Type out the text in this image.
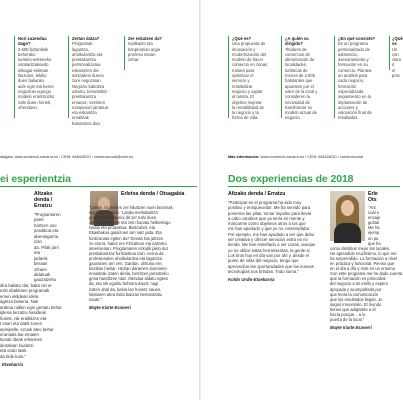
Nori zuzendua
dago?
2.500 biztanletik
beherako
turismo-sektoreko
ostalaritzakoedo
elikagai-sektoan
lituzunei, lekiko
duen baliaoko
aide egin eta beren
negozioei egungo
modelo erantziozko
nahi duten horiek,
ofrenduen.
Zertan datza?
Programak
laguntza,
aholkularitza eta
prestakuntza
pertsonalizatua
eskaintzen die
sortzaileei duena
zure negozioan.
Negozio bakoitza
aztertu, beraristikiz
prestakuntza
emanez, ezeinten
ezarpenari jarraitua
eta eskaintza
emaitzak
baloratzea dira.
Zer eskatzen da?
Inplikatzo eta
konpromiso argia
prozesu osoan
zehar.
atagaia: www.comercio.navarra.es / CEIN: 848426OO / comerciorural@cein.es
ei esperientzia
Altzako denda /
Erratzu
"Programaren parte
hartzen oso
positiboa eta
aberasgarria izan
da. Pilak jarri eta
jadanik beraan
ofzaen aldatuak
gauzatzeko
dira baliatu dar, baita niri er
ezki ebakinten programak
emen ekildean idela
agetza bekena. Nuk
arakoa nidlen egin gertatu behar
iplena bezalzu hasideak
horiek, nik eraikitzen eta
t esan eta dakit zonen
epinipelle, ezoak ateo behar
eramaila bai ematen
kunak ideak erkarmen
dioralean kualetzi
eta ondo lasik
da bide kulo."
Etxebarria
Erletxa denda / Otsagabia
"Lehen, ez nekien zer hikatzen nuen bezenak
eta zoka zoalirei. 'Landa-merkataritza'
programak enkarioi dit zer nahi duen
zehazki bezenak eta zein bunatu helbekingo
lokala eta produktoa. Bidezubet, eta
Ekasbakoa gaiaizoen arri naiz jada. Eta
funtzionatu egiten du!' Denda hat jartzen
ze etorra, hatez ere Flrizateun eta antzeko
ateensenan. Programaren ezkutik jakin dut
prestakuntzaz funtzaskoa izan. Aerna da
profesionalen aholkularitza eta laguntza
gaurainen arri zen. Gardun, ohituna ere,
bazikan hiekar. Hezian daramen donnaren
ensaitzak izaten direla, berritzen jarraitzeko
grina handitzen naiz. Mendua aldatu egiten
da, eta nik egoiitu beharra dauzt; nagi
izaten ahal da, baina lan honetz nauen,
lokalaren atea itxita baitzan bemantzatu
naute."
Mayte Iriarte Esaverri
¿Qué es?
Una propuesta de
innovación y
modernización del
modelo de hacer
comercio en zonas
rurales para
optimizar el
servicio y
rentabilizar
negocio y captar
al turista. El
objetivo mejorar
la rentabilidad de
la negocio y la
forma de vida.
¿A quién va
dirigido?
Titulares de
comercios de
alimentación de
localidades
turísticas de
menos de 2.500
habitantes que
apuesten por el
valor de la local y
consideren la
necesidad de
transformar su
modelo actual de
negocio.
¿En qué consiste?
Es un programa
personalizado de
asistencia,
asesoramiento y
formación en su
comercio. Plantea
un análisis para
cada negocio,
formación
especializada,
seguimiento en la
implantación de
acciones y
valoración final de
resultados.
¿Qué se
Un con
claro d
el proc
Más información: www.comercio.navarra.es / CEIN: 848426OO / comerciorural
Dos experiencias de 2018
Altzako denda / Erratzu
"Participar en el programa ha sido muy
positivo y enriquecedor. Me ha servido para
ponerme las pilas, tomar impulso para llevar
a cabo cambios que ya tenía en mente y
marcarme como objetivos otros a los que
me han aportado y que yo no contemplaba.
Por ejemplo, me han ayudado a ver que debo
ser creativa y ofrecer servicios extra en mi
tienda. Me han enseñado a ver cosas, aunque
yo no utilice estas herramientas, la gente sí.
Los tiros hoy en día van por ahí y, desde el
punto de vista del negocio, tengo que
aprovechar las oportunidades que las nuevas
tecnologías nos brindan. Todo suma."
Koldo Urdín-Etxebarria
Erle
Ots
"Ant
cuál e
encaje
gustar
Me ha
ejemp
un pu
que ha
como distribuir mejor los locales.
He aprendido muchísimo, lo que me
ha sorprendido. La formación a nivel
en práctica y funcional. Pienso que
en el día a día y más en un entorno
Con este programa me he dado cuenta
que la formación es primordial
del negocio a mi estilo y espero
apoyada y acompañada por
que tenía la comunicación
que los resultados llegan. Jo
seguir innovando. El mundo
tienes que adaptarte a él
hacía porque... a lo
puerta de la local."
Mayte Iriarte Esaverri
